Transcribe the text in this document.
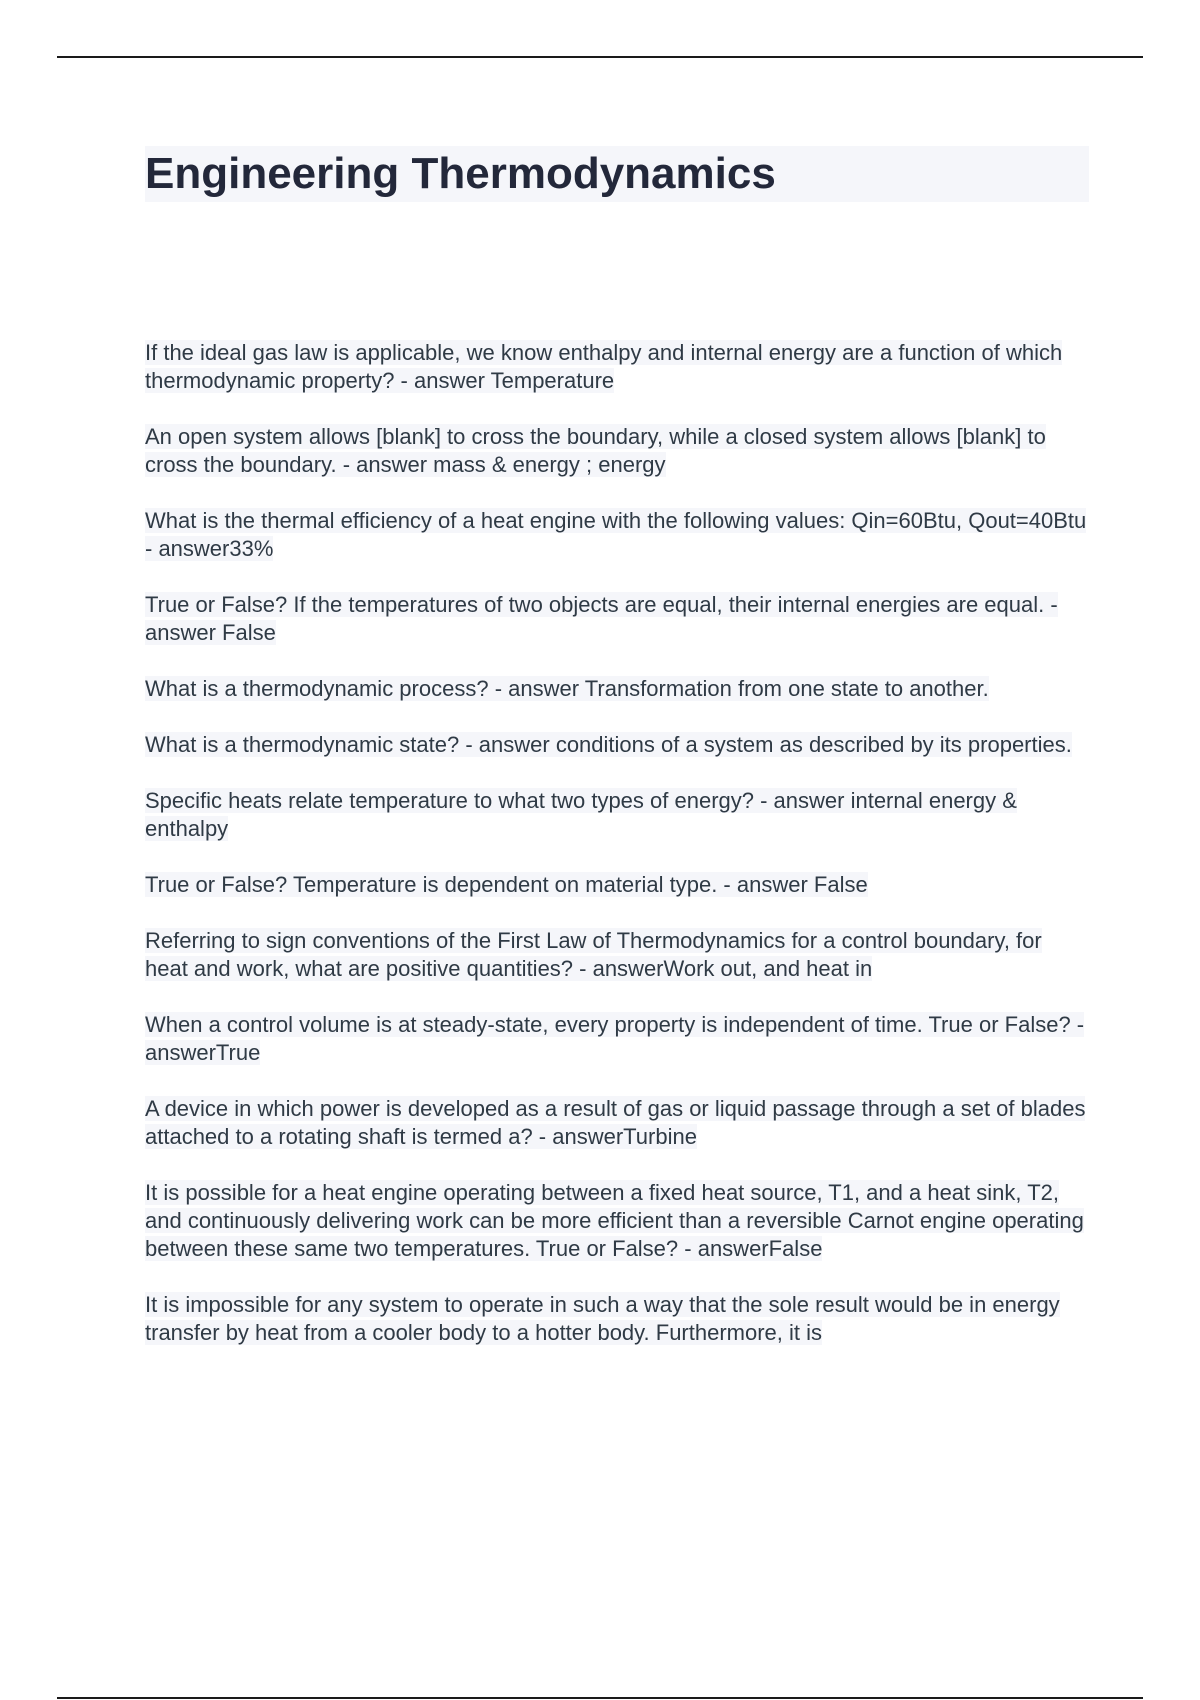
Engineering Thermodynamics
If the ideal gas law is applicable, we know enthalpy and internal energy are a function of which thermodynamic property? - answer Temperature
An open system allows [blank] to cross the boundary, while a closed system allows [blank] to cross the boundary. - answer mass & energy ; energy
What is the thermal efficiency of a heat engine with the following values: Qin=60Btu, Qout=40Btu - answer33%
True or False? If the temperatures of two objects are equal, their internal energies are equal. - answer False
What is a thermodynamic process? - answer Transformation from one state to another.
What is a thermodynamic state? - answer conditions of a system as described by its properties.
Specific heats relate temperature to what two types of energy? - answer internal energy & enthalpy
True or False? Temperature is dependent on material type. - answer False
Referring to sign conventions of the First Law of Thermodynamics for a control boundary, for heat and work, what are positive quantities? - answerWork out, and heat in
When a control volume is at steady-state, every property is independent of time. True or False? - answerTrue
A device in which power is developed as a result of gas or liquid passage through a set of blades attached to a rotating shaft is termed a? - answerTurbine
It is possible for a heat engine operating between a fixed heat source, T1, and a heat sink, T2, and continuously delivering work can be more efficient than a reversible Carnot engine operating between these same two temperatures. True or False? - answerFalse
It is impossible for any system to operate in such a way that the sole result would be in energy transfer by heat from a cooler body to a hotter body. Furthermore, it is
